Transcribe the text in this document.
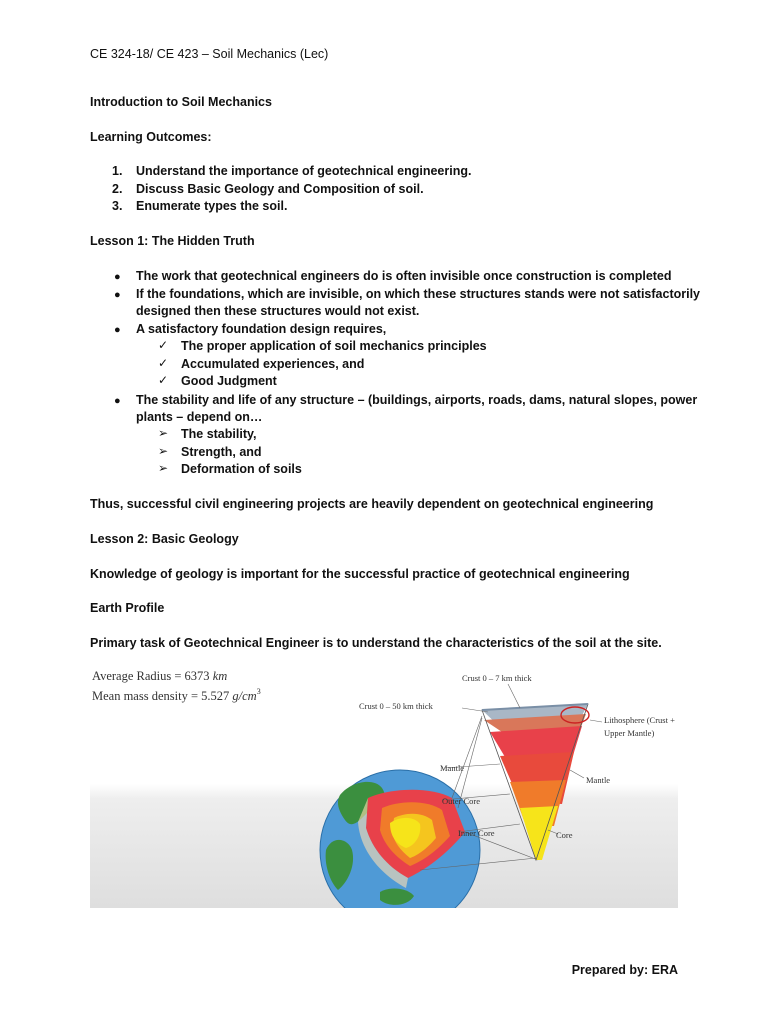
CE 324-18/ CE 423 – Soil Mechanics (Lec)
Introduction to Soil Mechanics
Learning Outcomes:
1. Understand the importance of geotechnical engineering.
2. Discuss Basic Geology and Composition of soil.
3. Enumerate types the soil.
Lesson 1: The Hidden Truth
● The work that geotechnical engineers do is often invisible once construction is completed
● If the foundations, which are invisible, on which these structures stands were not satisfactorily
designed then these structures would not exist.
● A satisfactory foundation design requires,
✓ The proper application of soil mechanics principles
✓ Accumulated experiences, and
✓ Good Judgment
● The stability and life of any structure – (buildings, airports, roads, dams, natural slopes, power
plants – depend on…
➢ The stability,
➢ Strength, and
➢ Deformation of soils
Thus, successful civil engineering projects are heavily dependent on geotechnical engineering
Lesson 2: Basic Geology
Knowledge of geology is important for the successful practice of geotechnical engineering
Earth Profile
Primary task of Geotechnical Engineer is to understand the characteristics of the soil at the site.
Average Radius = 6373 km
Mean mass density = 5.527 $g/cm^3$
Crust 0 – 7 km thick
Crust 0 – 50 km thick
Lithosphere (Crust +
Upper Mantle)
Mantle
Mantle
Outer Core
Inner Core	Core
Prepared by: ERA
